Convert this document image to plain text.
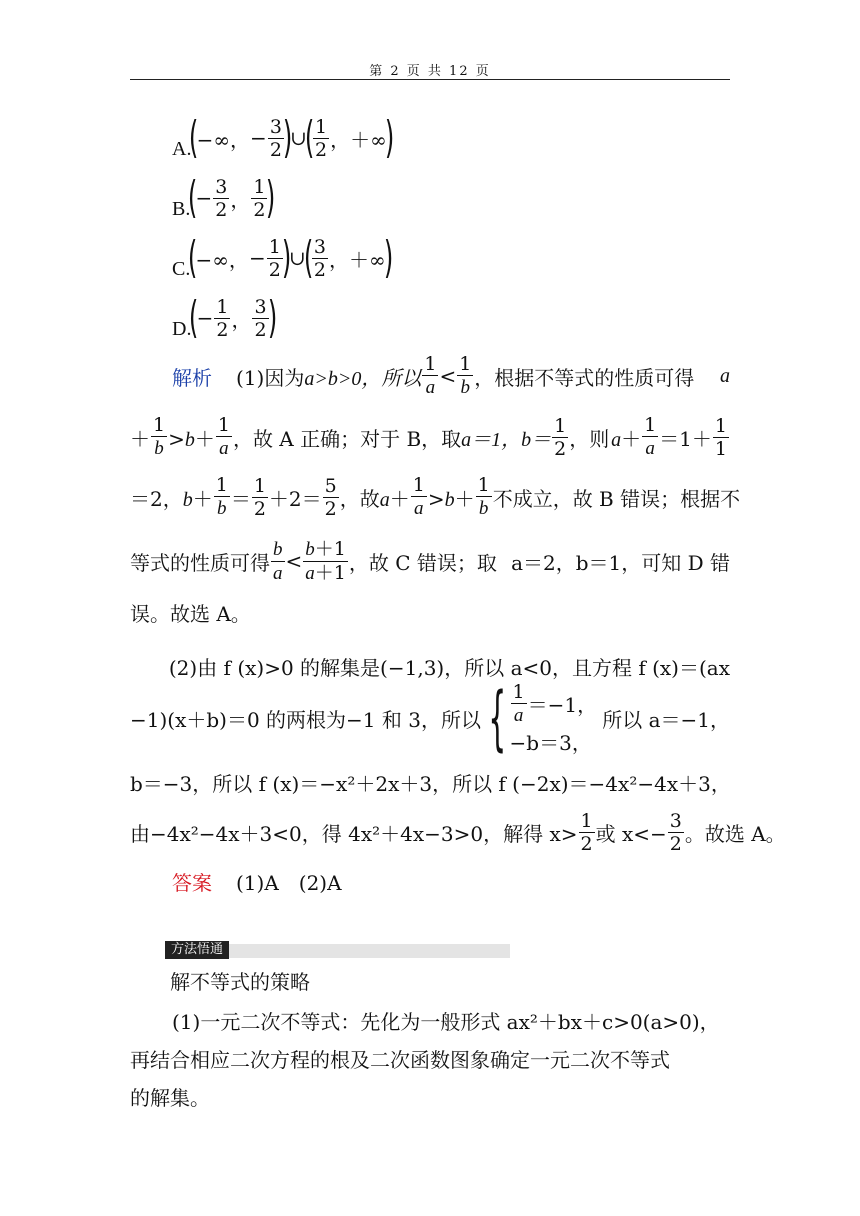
第 2 页 共 12 页
A.
(
−∞， − $\frac{3}{2}$
)
∪
(
$\frac{1}{2}$ ，＋∞
)
B.
(
− $\frac{3}{2}$ ， $\frac{1}{2}$
)
C.
(
−∞， − $\frac{1}{2}$
)
∪
(
$\frac{3}{2}$ ，＋∞
)
D.
(
− $\frac{1}{2}$ ， $\frac{3}{2}$
)
解析 (1)因为 a>b>0，所以 $\frac{1}{a} < \frac{1}{b}$ ，根据不等式的性质可得 a
＋ $\frac{1}{b} >b+ \frac{1}{a}$ ，故 A 正确；对于 B，取 a＝1，$b= \frac{1}{2}$ ，则 $a+ \frac{1}{a} =1+ \frac{1}{1}$
＝2， $b+ \frac{1}{b} = \frac{1}{2} +2= \frac{5}{2}$ ，故 $a+ \frac{1}{a} >b+ \frac{1}{b}$ 不成立，故 B 错误；根据不
等式的性质可得 $\frac{b}{a} < \frac{b+1}{a+1}$ ，故 C 错误；取 a＝2，b＝1，可知 D 错
误。故选 A。
(2)由 f (x)>0 的解集是(−1,3)，所以 a<0，且方程 f (x)＝(ax
−1)(x＋b)＝0 的两根为−1 和 3，所以 { $\frac{1}{a} =-1$，
−b＝3，
所以 a＝−1，
b＝−3，所以 f (x)＝−x²＋2x＋3，所以 f (−2x)＝−4x²−4x＋3，
由−4x²−4x＋3<0，得 4x²＋4x−3>0，解得 $x> \frac{1}{2}$ 或 $x<- \frac{3}{2}$ 。故选 A。
答案 (1)A　(2)A
方法悟通
解不等式的策略
(1)一元二次不等式：先化为一般形式 ax²＋bx＋c>0(a>0)，
再结合相应二次方程的根及二次函数图象确定一元二次不等式
的解集。
